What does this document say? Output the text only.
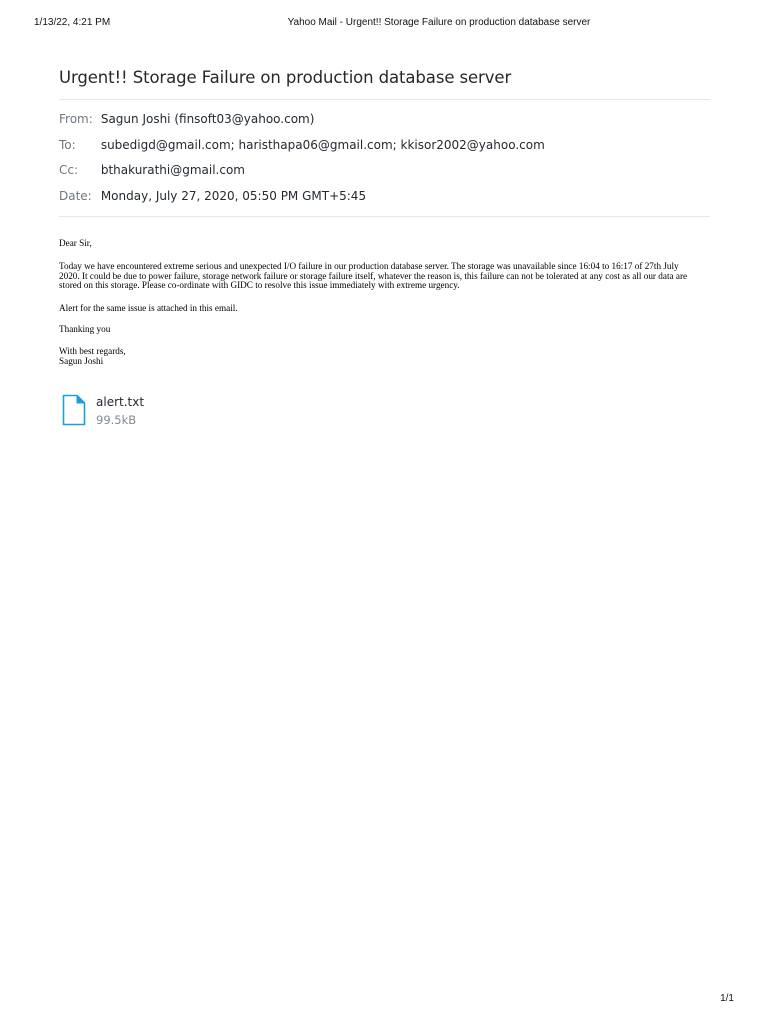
1/13/22, 4:21 PM	Yahoo Mail - Urgent!! Storage Failure on production database server
Urgent!! Storage Failure on production database server
From: Sagun Joshi (finsoft03@yahoo.com)
To: subedigd@gmail.com; haristhapa06@gmail.com; kkisor2002@yahoo.com
Cc: bthakurathi@gmail.com
Date: Monday, July 27, 2020, 05:50 PM GMT+5:45
Dear Sir,
Today we have encountered extreme serious and unexpected I/O failure in our production database server. The storage was unavailable since 16:04 to 16:17 of 27th July
2020. It could be due to power failure, storage network failure or storage failure itself, whatever the reason is, this failure can not be tolerated at any cost as all our data are
stored on this storage. Please co-ordinate with GIDC to resolve this issue immediately with extreme urgency.
Alert for the same issue is attached in this email.
Thanking you
With best regards,
Sagun Joshi
alert.txt
99.5kB
1/1
